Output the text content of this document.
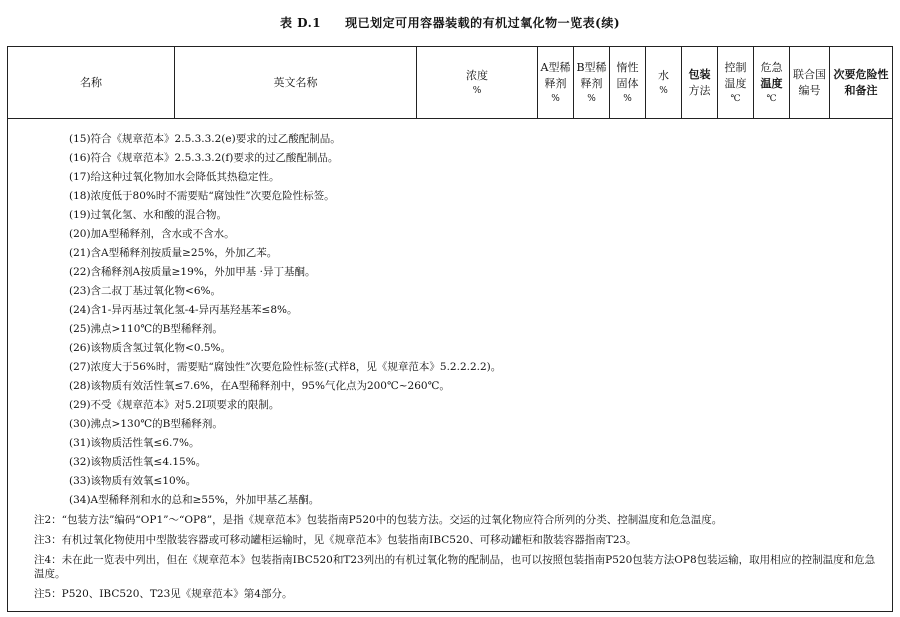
表 D.1 现已划定可用容器装载的有机过氧化物一览表(续)
名称	英文名称
浓度
%
A型稀
释剂
%
B型稀
释剂
%
惰性
固体
%
水
%
包装
方法
控制
温度
℃
危急
温度
℃
联合国
编号
次要危险性
和备注
(15)符合《规章范本》2.5.3.3.2(e)要求的过乙酸配制品。
(16)符合《规章范本》2.5.3.3.2(f)要求的过乙酸配制品。
(17)给这种过氧化物加水会降低其热稳定性。
(18)浓度低于80%时不需要贴“腐蚀性”次要危险性标签。
(19)过氧化氢、水和酸的混合物。
(20)加A型稀释剂，含水或不含水。
(21)含A型稀释剂按质量≥25%，外加乙苯。
(22)含稀释剂A按质量≥19%，外加甲基 ·异丁基酮。
(23)含二叔丁基过氧化物<6%。
(24)含1-异丙基过氧化氢-4-异丙基羟基苯≤8%。
(25)沸点>110℃的B型稀释剂。
(26)该物质含氢过氧化物<0.5%。
(27)浓度大于56%时，需要贴“腐蚀性”次要危险性标签(式样8，见《规章范本》5.2.2.2.2)。
(28)该物质有效活性氧≤7.6%，在A型稀释剂中，95%气化点为200℃~260℃。
(29)不受《规章范本》对5.2I项要求的限制。
(30)沸点>130℃的B型稀释剂。
(31)该物质活性氧≤6.7%。
(32)该物质活性氧≤4.15%。
(33)该物质有效氧≤10%。
(34)A型稀释剂和水的总和≥55%，外加甲基乙基酮。
注2：“包装方法”编码“OP1”～“OP8”，是指《规章范本》包装指南P520中的包装方法。交运的过氧化物应符合所列的分类、控制温度和危急温度。
注3：有机过氧化物使用中型散装容器或可移动罐柜运输时，见《规章范本》包装指南IBC520、可移动罐柜和散装容器指南T23。
注4：未在此一览表中列出，但在《规章范本》包装指南IBC520和T23列出的有机过氧化物的配制品，也可以按照包装指南P520包装方法OP8包装运输，取用相应的控制温度和危急温度。
注5：P520、IBC520、T23见《规章范本》第4部分。
